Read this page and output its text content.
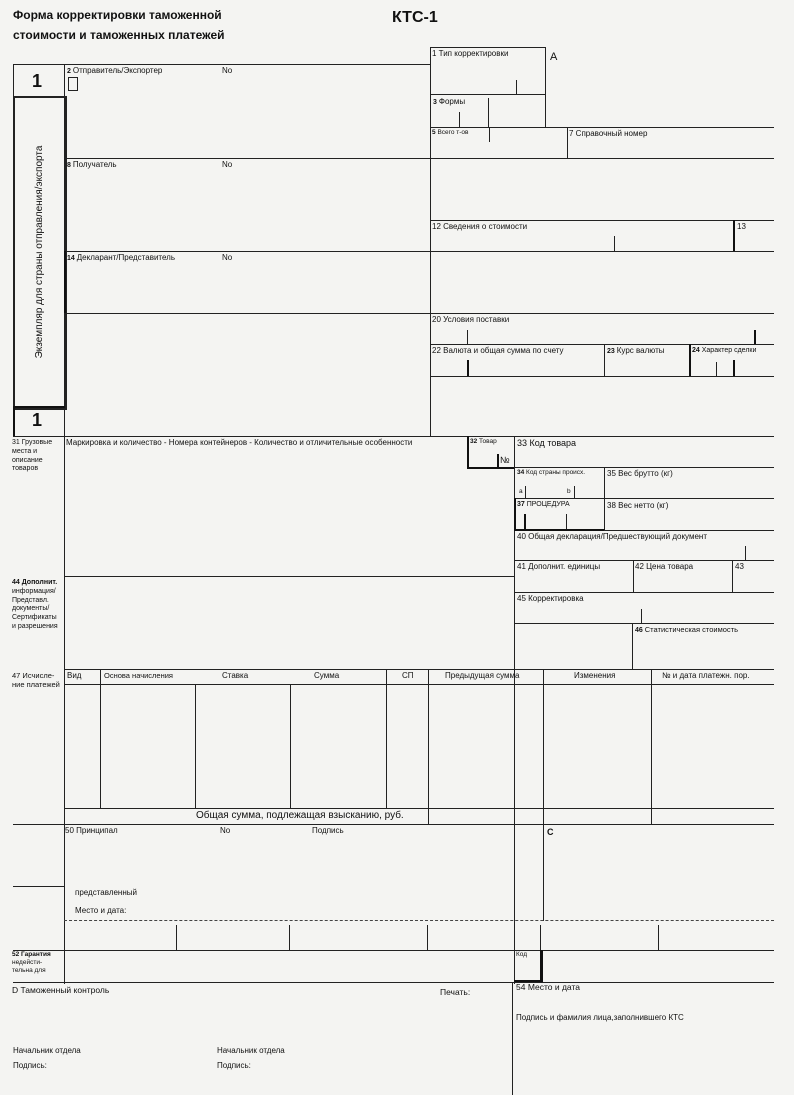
Форма корректировки таможенной
стоимости и таможенных платежей
КТС-1
1
Экземпляр для страны отправления/экспорта
1
2 Отправитель/Экспортер	No
1 Тип корректировки	А
3 Формы
5 Всего т-ов	7 Справочный номер
8 Получатель	No
12 Сведения о стоимости	13
14 Декларант/Представитель	No
20 Условия поставки
22 Валюта и общая сумма по счету	23 Курс валюты	24 Характер сделки
31 Грузовые
места и
описание
товаров
Маркировка и количество - Номера контейнеров - Количество и отличительные особенности	32 Товар
№
33 Код товара
34 Код страны происх.
a	b
35 Вес брутто (кг)
37 ПРОЦЕДУРА	38 Вес нетто (кг)
40 Общая декларация/Предшествующий документ
41 Дополнит. единицы	42 Цена товара	43
44 Дополнит.
информация/
Представл.
документы/
Сертификаты
и разрешения
45 Корректировка
46 Статистическая стоимость
47 Исчисле-
ние платежей
Вид	Основа начисления	Ставка	Сумма	СП	Предыдущая сумма	Изменения	№ и дата платежн. пор.
Общая сумма, подлежащая взысканию, руб.
50 Принципал	No	Подпись	С
представленный
Место и дата:
52 Гарантия
недейсти-
тельна для
Код
D Таможенный контроль	Печать:	54 Место и дата
Подпись и фамилия лица,заполнившего КТС
Начальник отдела
Подпись:
Начальник отдела
Подпись:
